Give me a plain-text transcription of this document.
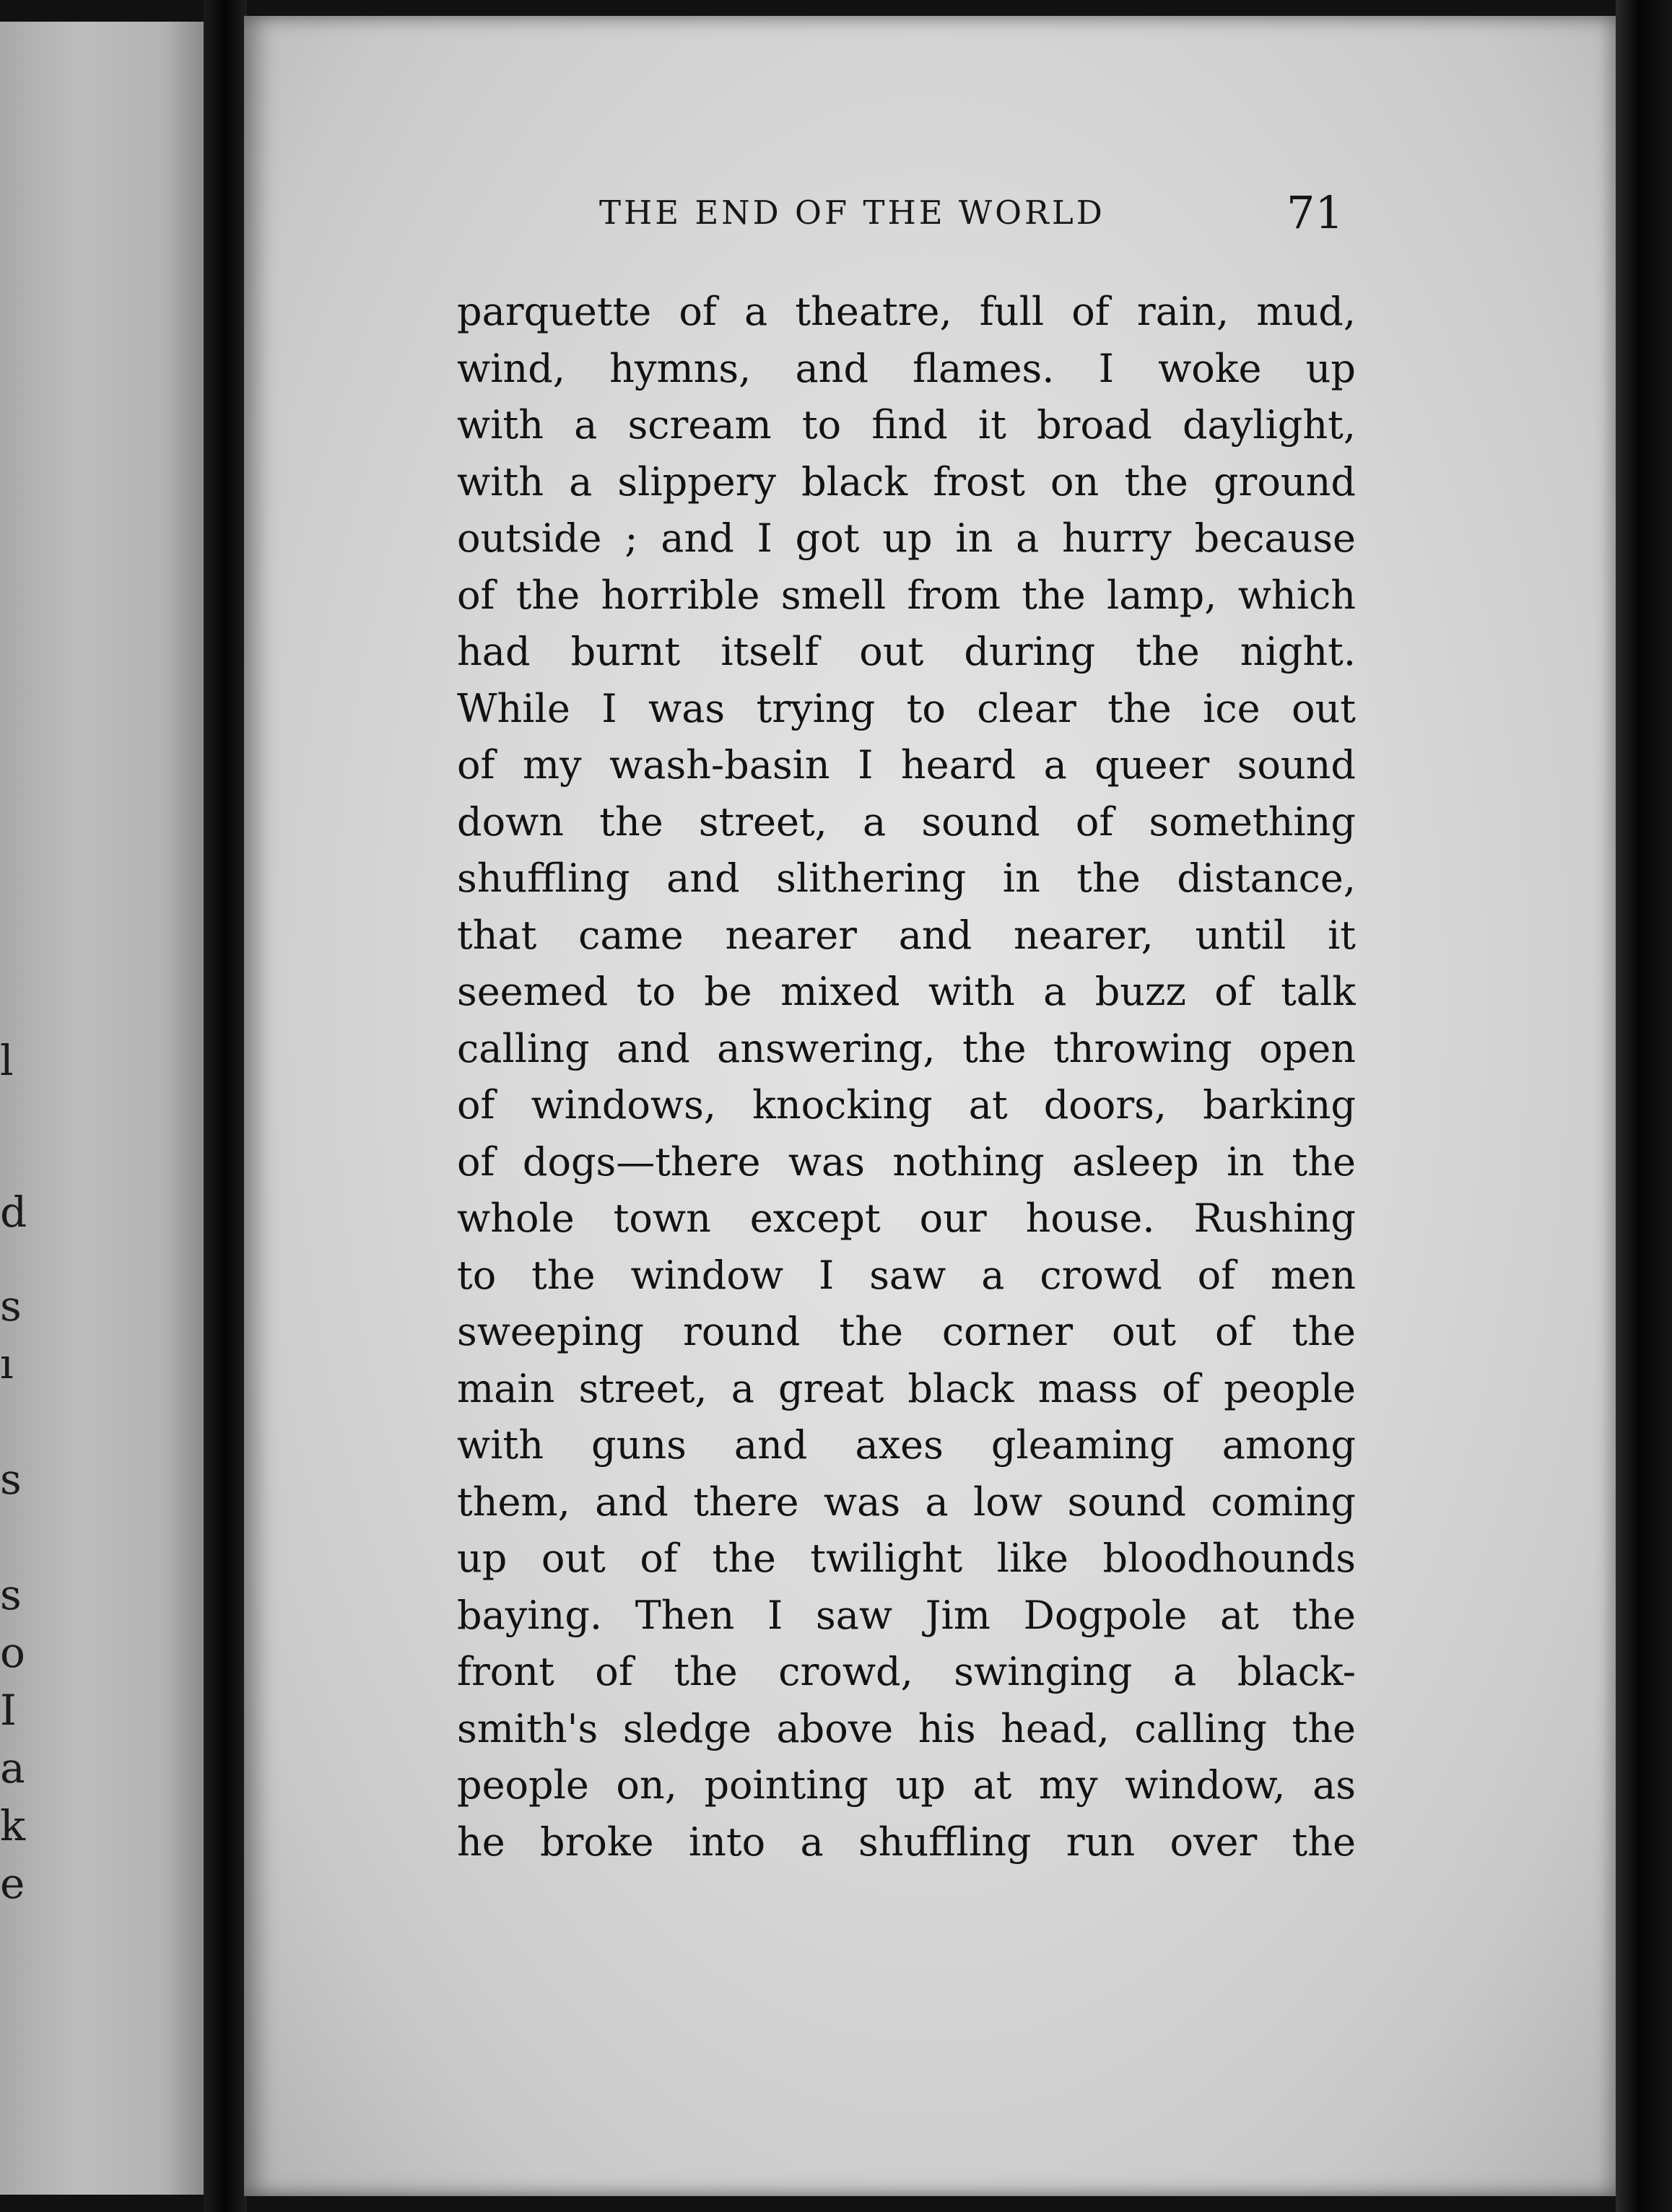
l
d
s
ı
s
s
o
I
a
k
e
THE END OF THE WORLD	71
parquette of a theatre, full of rain, mud,
wind, hymns, and flames. I woke up
with a scream to find it broad daylight,
with a slippery black frost on the ground
outside ; and I got up in a hurry because
of the horrible smell from the lamp, which
had burnt itself out during the night.
While I was trying to clear the ice out
of my wash-basin I heard a queer sound
down the street, a sound of something
shuffling and slithering in the distance,
that came nearer and nearer, until it
seemed to be mixed with a buzz of talk
calling and answering, the throwing open
of windows, knocking at doors, barking
of dogs—there was nothing asleep in the
whole town except our house. Rushing
to the window I saw a crowd of men
sweeping round the corner out of the
main street, a great black mass of people
with guns and axes gleaming among
them, and there was a low sound coming
up out of the twilight like bloodhounds
baying. Then I saw Jim Dogpole at the
front of the crowd, swinging a black-
smith's sledge above his head, calling the
people on, pointing up at my window, as
he broke into a shuffling run over the
